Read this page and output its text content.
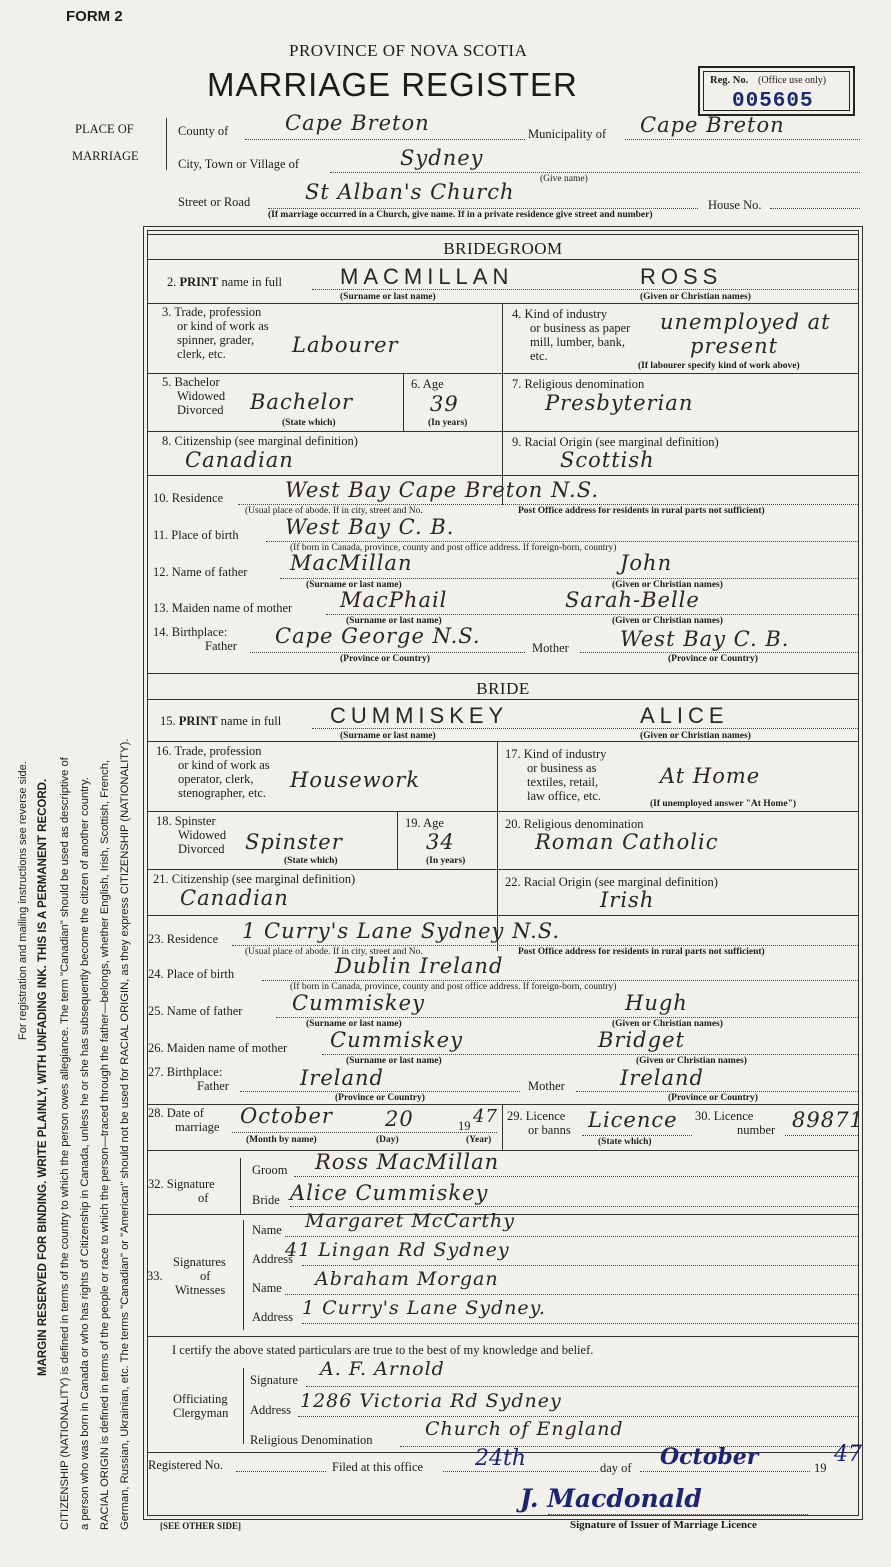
FORM 2
PROVINCE OF NOVA SCOTIA
MARRIAGE REGISTER	Reg. No. (Office use only)
005605
PLACE OF
MARRIAGE
County of	Cape Breton	Municipality of Cape Breton
City, Town or Village of	Sydney
(Give name)
Street or Road	St Alban's Church
House No.
(If marriage occurred in a Church, give name. If in a private residence give street and number)
BRIDEGROOM
2. PRINT name in full	MACMILLAN	ROSS
(Surname or last name)	(Given or Christian names)
3. Trade, profession
or kind of work as
spinner, grader,
clerk, etc.	Labourer
4. Kind of industry
or business as paper
mill, lumber, bank,
etc.
unemployed at
present
(If labourer specify kind of work above)
5. Bachelor
Widowed
Divorced Bachelor
(State which)
6. Age
39
(In years)
7. Religious denomination
Presbyterian
8. Citizenship (see marginal definition)
Canadian
9. Racial Origin (see marginal definition)
Scottish
10. Residence	West Bay Cape Breton N.S.
(Usual place of abode. If in city, street and No.	Post Office address for residents in rural parts not sufficient)
11. Place of birth West Bay C. B.
(If born in Canada, province, county and post office address. If foreign-born, country)
12. Name of father MacMillan	John
(Surname or last name)	(Given or Christian names)
13. Maiden name of mother MacPhail	Sarah-Belle
(Surname or last name)	(Given or Christian names)
14. Birthplace:
Father Cape George N.S.	Mother West Bay C. B.
(Province or Country)	(Province or Country)
BRIDE
15. PRINT name in full CUMMISKEY	ALICE
(Surname or last name)	(Given or Christian names)
16. Trade, profession
or kind of work as
operator, clerk,
stenographer, etc.
Housework
17. Kind of industry
or business as
textiles, retail,
law office, etc.
At Home
(If unemployed answer "At Home")
18. Spinster
Widowed
Divorced Spinster
(State which)
19. Age
34
(In years)
20. Religious denomination
Roman Catholic
21. Citizenship (see marginal definition)
Canadian
22. Racial Origin (see marginal definition)
Irish
23. Residence 1 Curry's Lane Sydney N.S.
(Usual place of abode. If in city, street and No.	Post Office address for residents in rural parts not sufficient)
24. Place of birth	Dublin Ireland
(If born in Canada, province, county and post office address. If foreign-born, country)
25. Name of father Cummiskey	Hugh
(Surname or last name)	(Given or Christian names)
26. Maiden name of mother Cummiskey	Bridget
(Surname or last name)	(Given or Christian names)
27. Birthplace:
Father	Ireland	Mother	Ireland
(Province or Country)	(Province or Country)
28. Date of
marriage October 20	19 47
(Month by name)	(Day)	(Year)
29. Licence
or banns Licence
(State which)
30. Licence
number 89871
32. Signature
of
Groom Ross MacMillan
Bride Alice Cummiskey
Signatures
of
Witnesses
33.
Name Margaret McCarthy
Address
41 Lingan Rd Sydney
Name Abraham Morgan
Address 1 Curry's Lane Sydney.
I certify the above stated particulars are true to the best of my knowledge and belief.
Officiating
Clergyman
Signature A. F. Arnold
Address 1286 Victoria Rd Sydney
Religious Denomination	Church of England
Registered No.	Filed at this office 24th	day of October	19
47
J. Macdonald
Signature of Issuer of Marriage Licence
[SEE OTHER SIDE]
For registration and mailing instructions see reverse side. MARGIN RESERVED FOR BINDING. WRITE PLAINLY, WITH UNFADING INK. THIS IS A PERMANENT RECORD. CITIZENSHIP (NATIONALITY) is defined in terms of the country to which the person owes allegiance. The term "Canadian" should be used as descriptive of a person who was born in Canada or who has rights of Citizenship in Canada, unless he or she has subsequently become the citizen of another country. RACIAL ORIGIN is defined in terms of the people or race to which the person—traced through the father—belongs, whether English, Irish, Scottish, French, German, Russian, Ukrainian, etc. The terms "Canadian" or "American" should not be used for RACIAL ORIGIN, as they express CITIZENSHIP (NATIONALITY).
